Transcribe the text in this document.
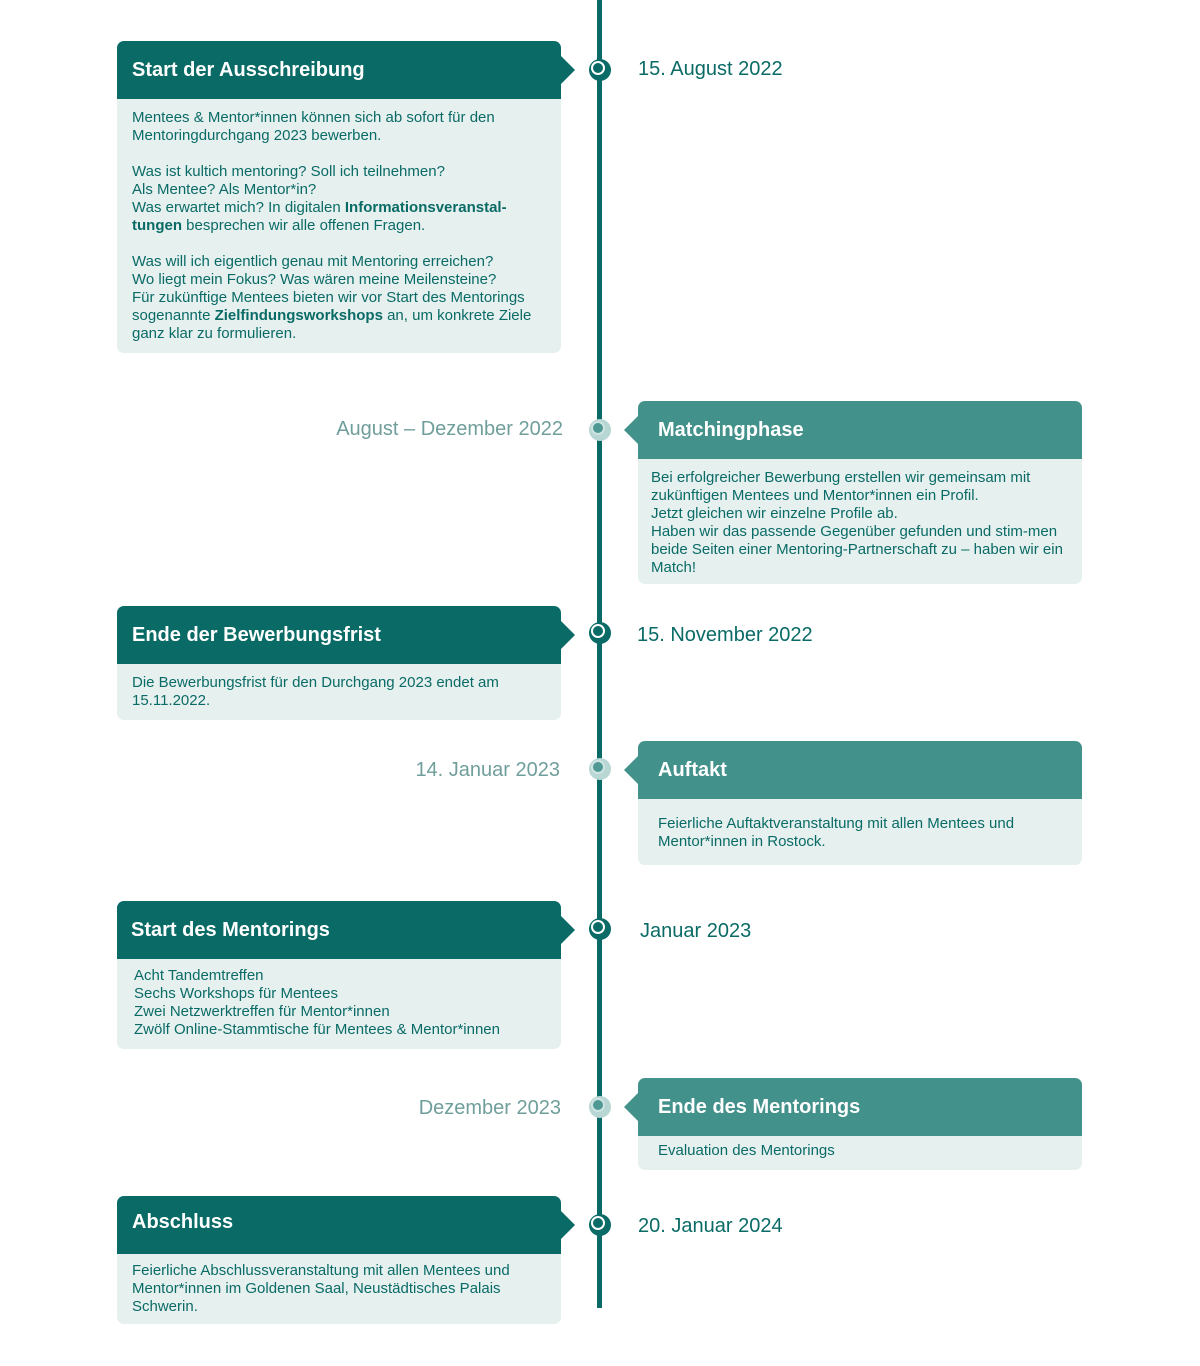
Start der Ausschreibung

Mentees & Mentor*innen können sich ab sofort für den Mentoringdurchgang 2023 bewerben.

Was ist kultich mentoring? Soll ich teilnehmen?
Als Mentee? Als Mentor*in?
Was erwartet mich? In digitalen Informationsveranstal-tungen besprechen wir alle offenen Fragen.

Was will ich eigentlich genau mit Mentoring erreichen?
Wo liegt mein Fokus? Was wären meine Meilensteine?
Für zukünftige Mentees bieten wir vor Start des Mentorings sogenannte Zielfindungsworkshops an, um konkrete Ziele ganz klar zu formulieren.

15. August 2022
Matchingphase
Bei erfolgreicher Bewerbung erstellen wir gemeinsam mit zukünftigen Mentees und Mentor*innen ein Profil.
Jetzt gleichen wir einzelne Profile ab.
Haben wir das passende Gegenüber gefunden und stim-men beide Seiten einer Mentoring-Partnerschaft zu – haben wir ein Match!
August – Dezember 2022
Ende der Bewerbungsfrist
Die Bewerbungsfrist für den Durchgang 2023 endet am 15.11.2022.
15. November 2022
Auftakt
Feierliche Auftaktveranstaltung mit allen Mentees und Mentor*innen in Rostock.
14. Januar 2023
Start des Mentorings
Acht Tandemtreffen
Sechs Workshops für Mentees
Zwei Netzwerktreffen für Mentor*innen
Zwölf Online-Stammtische für Mentees & Mentor*innen
Januar 2023
Ende des Mentorings
Evaluation des Mentorings
Dezember 2023
Abschluss
Feierliche Abschlussveranstaltung mit allen Mentees und Mentor*innen im Goldenen Saal, Neustädtisches Palais Schwerin.
20. Januar 2024
